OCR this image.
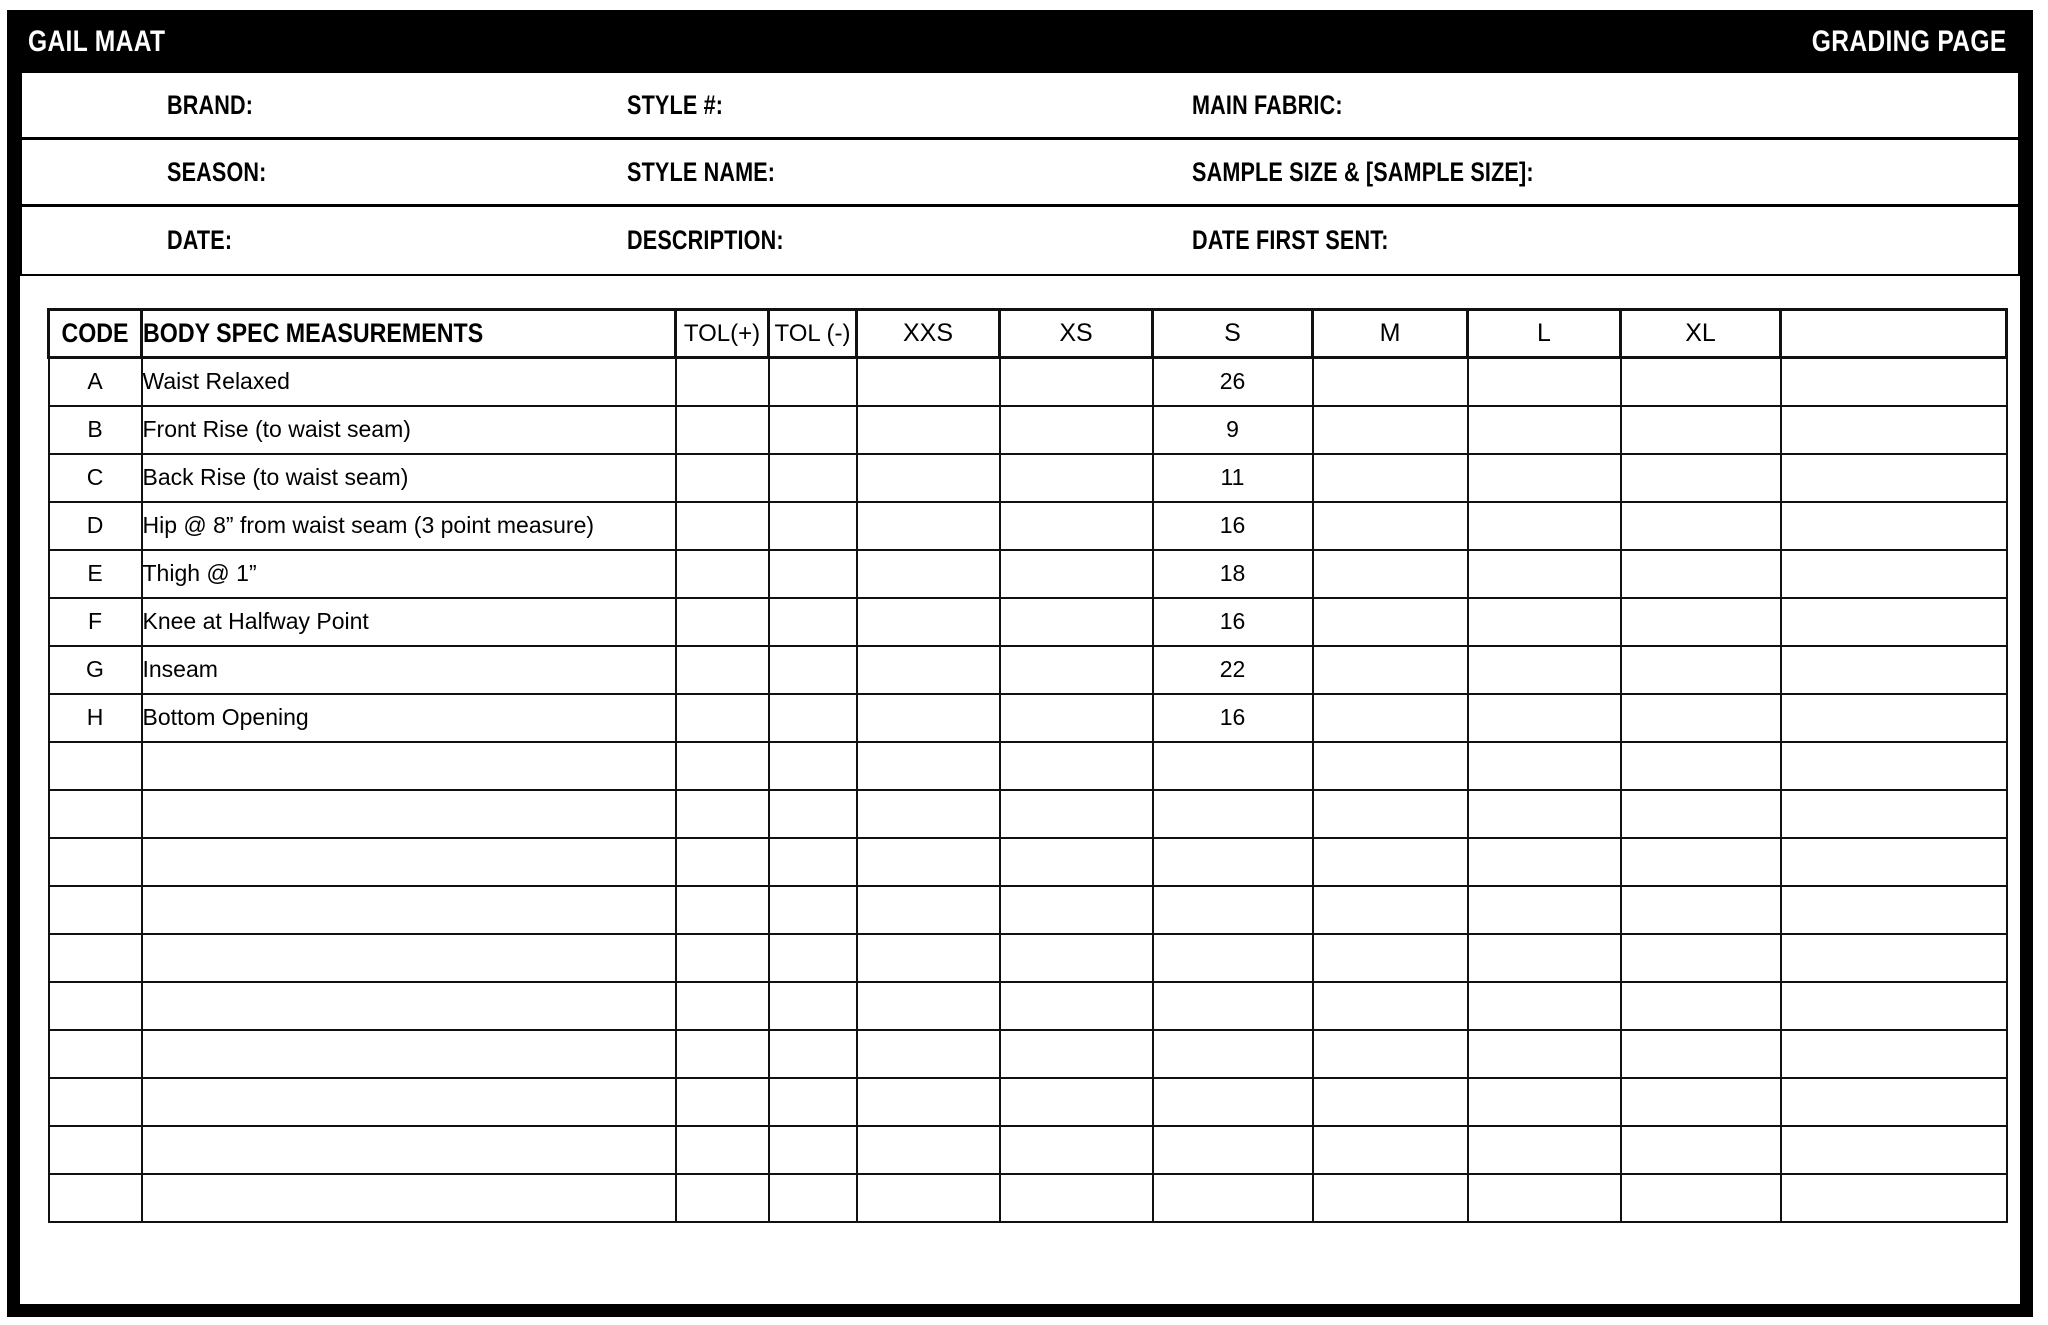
GAIL MAAT	GRADING PAGE
BRAND:	STYLE #:	MAIN FABRIC:
SEASON:	STYLE NAME:	SAMPLE SIZE & [SAMPLE SIZE]:
DATE:	DESCRIPTION:	DATE FIRST SENT:
CODE	BODY SPEC MEASUREMENTS	TOL(+)	TOL (-)	XXS	XS	S	M	L	XL	
A	Waist Relaxed					26				
B	Front Rise (to waist seam)					9				
C	Back Rise (to waist seam)					11				
D	Hip @ 8” from waist seam (3 point measure)					16				
E	Thigh @ 1”					18				
F	Knee at Halfway Point					16				
G	Inseam					22				
H	Bottom Opening					16				
